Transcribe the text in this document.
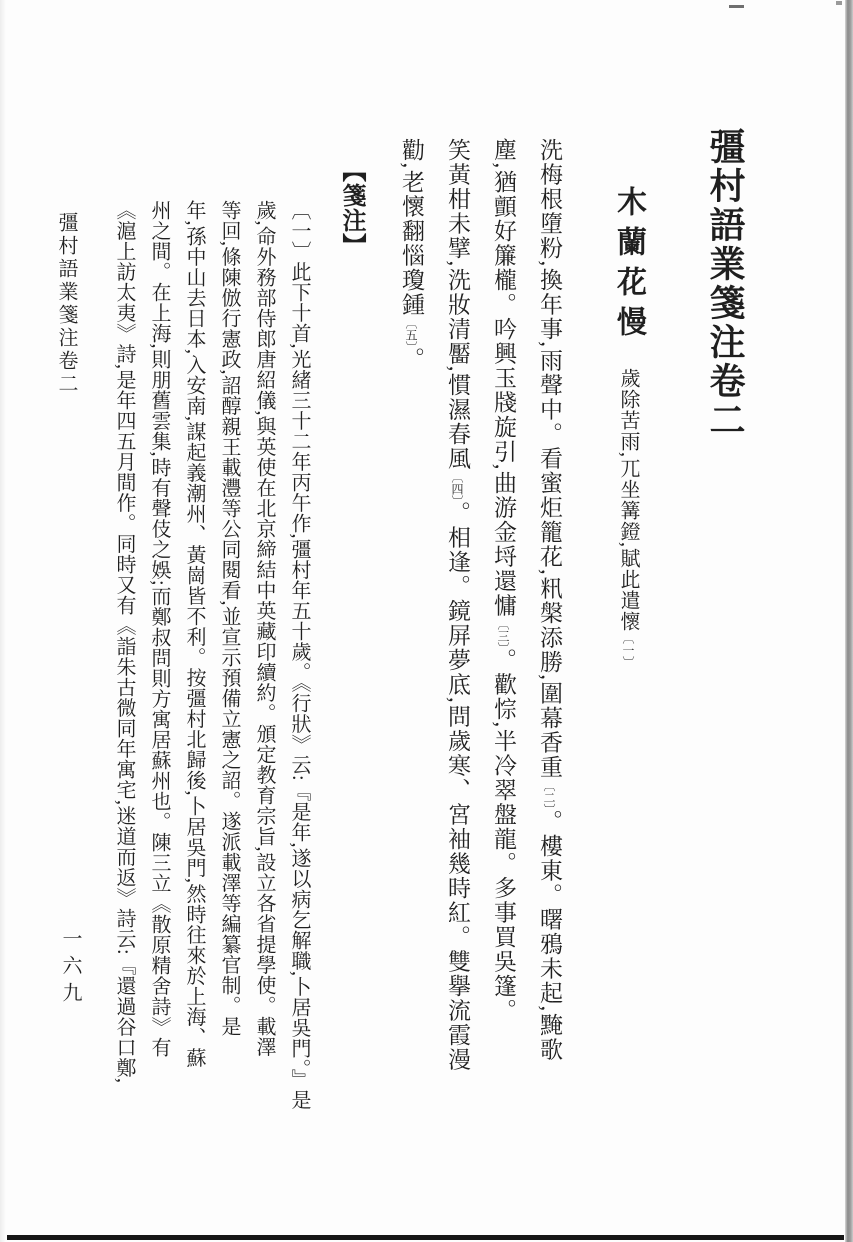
彊村語業箋注卷二
木蘭花慢 歲除苦雨,兀坐篝鐙,賦此遣懷〔一〕
洗梅根墮粉,換年事,雨聲中。看蜜炬籠花,籸槃添勝,圍幕香重〔二〕。樓東。曙鴉未起,黤歌
塵,猶顫好簾櫳。吟興玉牋旋引,曲游金埒還慵〔三〕。歡悰,半冷翠盤龍。多事買吳篷。
笑黃柑未擘,洗妝清靨,慣濕春風〔四〕。相逢。鏡屏夢底,問歲寒、宮袖幾時紅。雙擧流霞漫
勸,老懷翻惱瓊鍾〔五〕。
【箋注】
〔一〕此下十首,光緒三十二年丙午作,彊村年五十歲。《行狀》云:『是年,遂以病乞解職,卜居吳門。』是
歲,命外務部侍郎唐紹儀,與英使在北京締結中英藏印續約。頒定教育宗旨,設立各省提學使。載澤
等回,條陳倣行憲政,詔醇親王載灃等公同閱看,並宣示預備立憲之詔。遂派載澤等編纂官制。是
年,孫中山去日本,入安南,謀起義潮州、黃崗皆不利。按彊村北歸後,卜居吳門,然時往來於上海、蘇
州之間。在上海,則朋舊雲集,時有聲伎之娛;而鄭叔問則方寓居蘇州也。陳三立《散原精舍詩》有
《滬上訪太夷》詩,是年四五月間作。同時又有《詣朱古微同年寓宅,迷道而返》詩云:『還過谷口鄭,
彊村語業箋注卷二
一六九
